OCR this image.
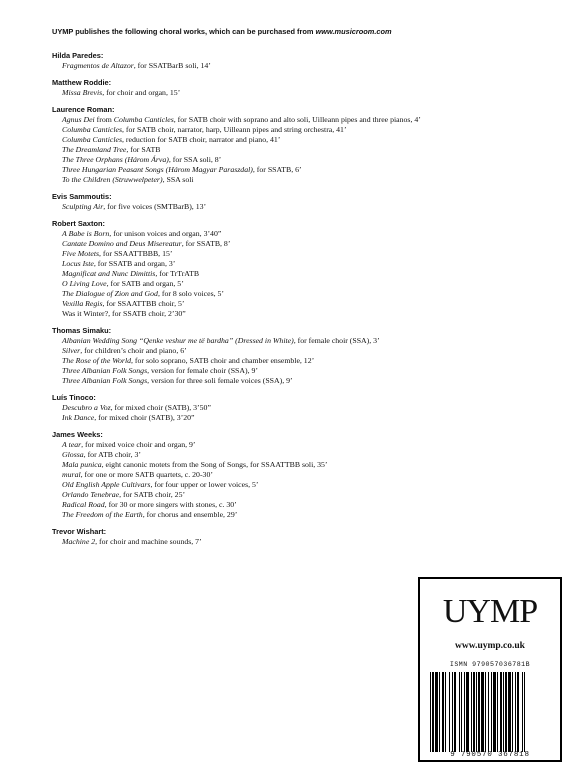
UYMP publishes the following choral works, which can be purchased from www.musicroom.com
Hilda Paredes:
Fragmentos de Altazor, for SSATBarB soli, 14’
Matthew Roddie:
Missa Brevis, for choir and organ, 15’
Laurence Roman:
Agnus Dei from Columba Canticles, for SATB choir with soprano and alto soli, Uilleann pipes and three pianos, 4’
Columba Canticles, for SATB choir, narrator, harp, Uilleann pipes and string orchestra, 41’
Columba Canticles, reduction for SATB choir, narrator and piano, 41’
The Dreamland Tree, for SATB
The Three Orphans (Három Árva), for SSA soli, 8’
Three Hungarian Peasant Songs (Három Magyar Paraszdal), for SSATB, 6’
To the Children (Struwwelpeter), SSA soli
Evis Sammoutis:
Sculpting Air, for five voices (SMTBarB), 13’
Robert Saxton:
A Babe is Born, for unison voices and organ, 3’40”
Cantate Domino and Deus Misereatur, for SSATB, 8’
Five Motets, for SSAATTBBB, 15’
Locus Iste, for SSATB and organ, 3’
Magnificat and Nunc Dimittis, for TrTrATB
O Living Love, for SATB and organ, 5’
The Dialogue of Zion and God, for 8 solo voices, 5’
Vexilla Regis, for SSAATTBB choir, 5’
Was it Winter?, for SSATB choir, 2’30”
Thomas Simaku:
Albanian Wedding Song “Qenke veshur me të bardha” (Dressed in White), for female choir (SSA), 3’
Silver, for children’s choir and piano, 6’
The Rose of the World, for solo soprano, SATB choir and chamber ensemble, 12’
Three Albanian Folk Songs, version for female choir (SSA), 9’
Three Albanian Folk Songs, version for three soli female voices (SSA), 9’
Luís Tinoco:
Descubro a Voz, for mixed choir (SATB), 3’50”
Ink Dance, for mixed choir (SATB), 3’20”
James Weeks:
A tear, for mixed voice choir and organ, 9’
Glossa, for ATB choir, 3’
Mala punica, eight canonic motets from the Song of Songs, for SSAATTBB soli, 35’
mural, for one or more SATB quartets, c. 20-30’
Old English Apple Cultivars, for four upper or lower voices, 5’
Orlando Tenebrae, for SATB choir, 25’
Radical Road, for 30 or more singers with stones, c. 30’
The Freedom of the Earth, for chorus and ensemble, 29’
Trevor Wishart:
Machine 2, for choir and machine sounds, 7’
UYMP
www.uymp.co.uk
ISMN 979057036781B
9 790570 367818
